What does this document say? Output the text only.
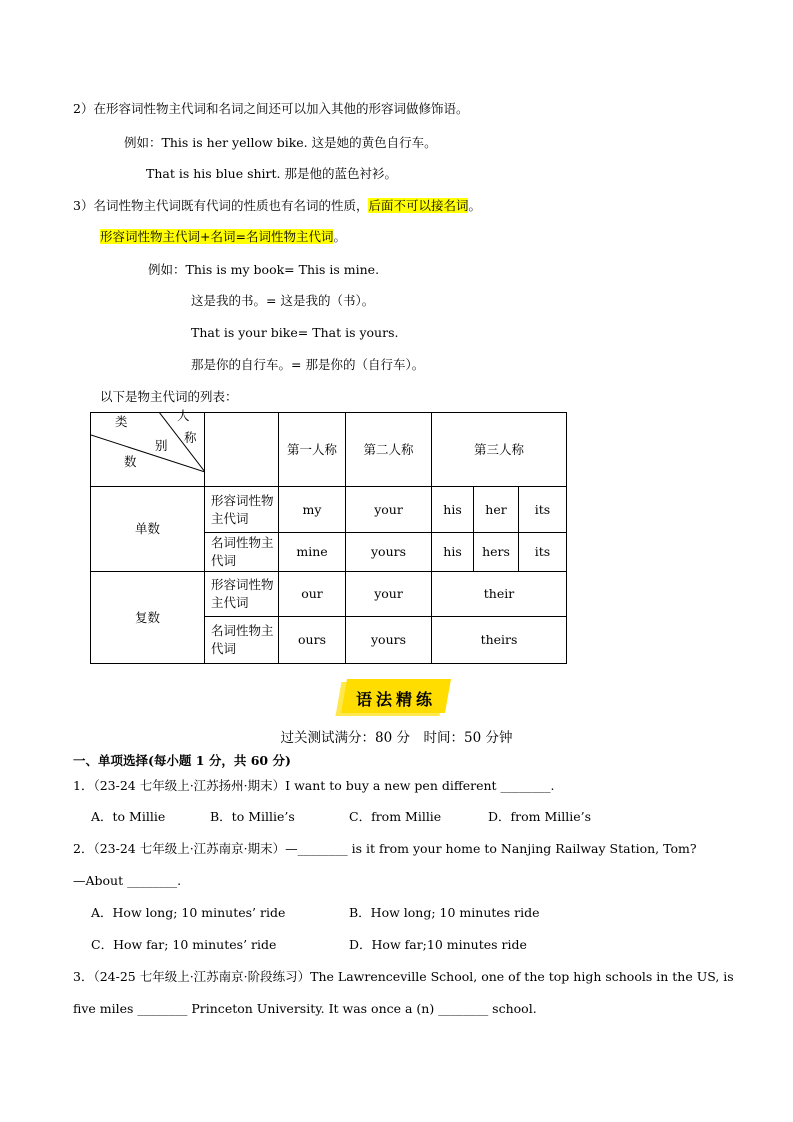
2）在形容词性物主代词和名词之间还可以加入其他的形容词做修饰语。
例如：This is her yellow bike. 这是她的黄色自行车。
That is his blue shirt. 那是他的蓝色衬衫。
3）名词性物主代词既有代词的性质也有名词的性质，后面不可以接名词。
形容词性物主代词+名词=名词性物主代词。
例如：This is my book= This is mine.
这是我的书。= 这是我的（书）。
That is your bike= That is yours.
那是你的自行车。= 那是你的（自行车）。
以下是物主代词的列表：
类
别
数
人
称		第一人称	第二人称	第三人称		
单数	形容词性物主代词	my	your	his	her	its
	名词性物主代词	mine	yours	his	hers	its
复数	形容词性物主代词	our	your	their		
	名词性物主代词	ours	yours	theirs		
语法精练
过关测试满分：80 分　时间：50 分钟
一、单项选择(每小题 1 分，共 60 分)
1．（23-24 七年级上·江苏扬州·期末）I want to buy a new pen different ________.
A．to Millie	B．to Millie’s	C．from Millie	D．from Millie’s
2．（23-24 七年级上·江苏南京·期末）—________ is it from your home to Nanjing Railway Station, Tom?
—About ________.
A．How long; 10 minutes’ ride	B．How long; 10 minutes ride
C．How far; 10 minutes’ ride	D．How far;10 minutes ride
3．（24-25 七年级上·江苏南京·阶段练习）The Lawrenceville School, one of the top high schools in the US, is
five miles ________ Princeton University. It was once a (n) ________ school.
